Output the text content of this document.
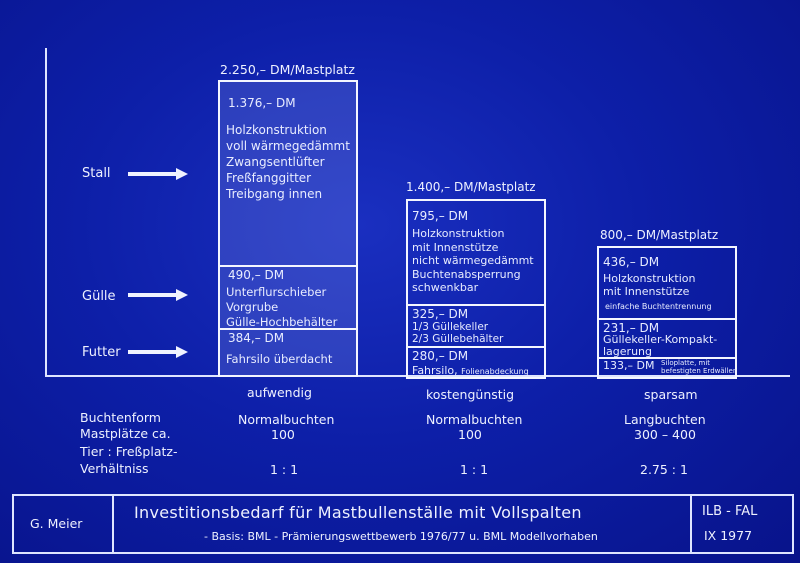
Stall
Gülle
Futter
2.250,– DM/Mastplatz
1.376,– DM
Holzkonstruktion
voll wärmegedämmt
Zwangsentlüfter
Freßfanggitter
Treibgang innen
490,– DM
Unterflurschieber
Vorgrube
Gülle-Hochbehälter
384,– DM
Fahrsilo überdacht
1.400,– DM/Mastplatz
795,– DM
Holzkonstruktion
mit Innenstütze
nicht wärmegedämmt
Buchtenabsperrung
schwenkbar
325,– DM
1/3 Güllekeller
2/3 Güllebehälter
280,– DM
Fahrsilo, Folienabdeckung
800,– DM/Mastplatz
436,– DM
Holzkonstruktion
mit Innenstütze
einfache Buchtentrennung
231,– DM
Güllekeller-Kompakt-
lagerung
133,– DM Siloplatte, mit
befestigten Erdwällen
aufwendig	kostengünstig	sparsam
Buchtenform
Mastplätze ca.
Tier : Freßplatz-
Verhältniss
Normalbuchten
100
1 : 1
Normalbuchten
100
1 : 1
Langbuchten
300 – 400
2.75 : 1
G. Meier
Investitionsbedarf für Mastbullenställe mit Vollspalten
- Basis: BML - Prämierungswettbewerb 1976/77 u. BML Modellvorhaben
ILB - FAL
IX 1977
